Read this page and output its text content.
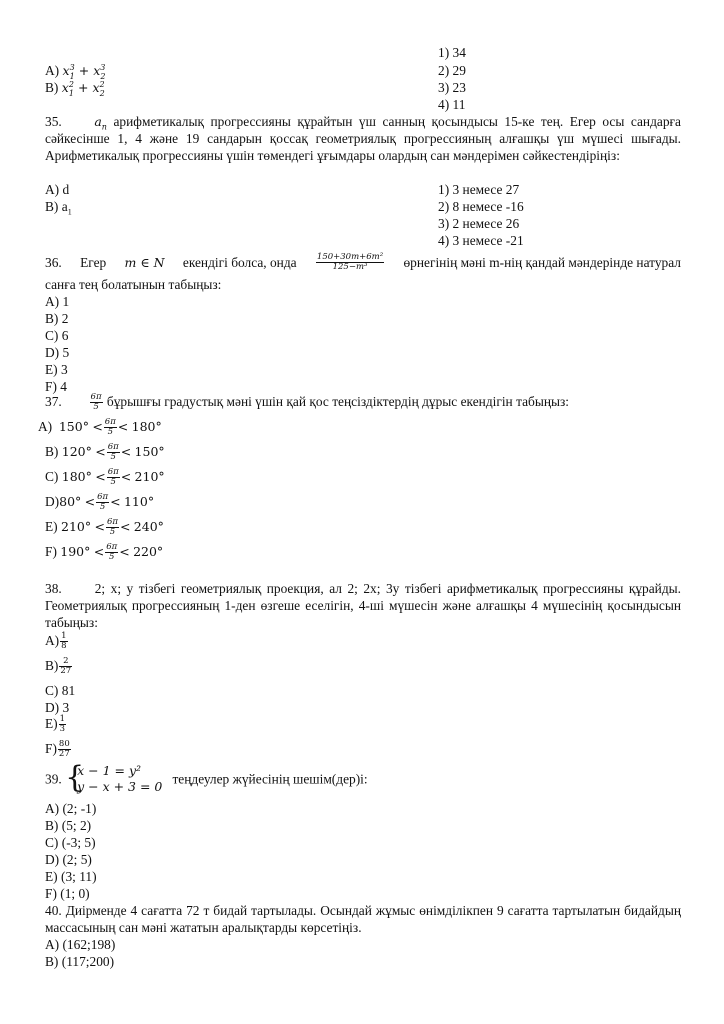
1) 34
A) $x^3_1 + x^3_2$	2) 29
B) $x^2_1 + x^2_2$	3) 23
4) 11
35.	$a_n$ арифметикалық прогрессияны құрайтын үш санның қосындысы 15-ке тең. Егер осы сандарға сәйкесінше 1, 4 және 19 сандарын қоссақ геометриялық прогрессияның алғашқы үш мүшесі шығады. Арифметикалық прогрессияны үшін төмендегі ұғымдары олардың сан мәндерімен сәйкестендіріңіз:
A) d	1) 3 немесе 27
B) $a_1$	2) 8 немесе -16
3) 2 немесе 26
4) 3 немесе -21
36. Егер m ∈ N екендігі болса, онда $\frac{\text{150+30m+6m²}}{\text{125−m³}}$ өрнегінің мәні m-нің қандай мәндерінде натурал
санға тең болатынын табыңыз:
A) 1
B) 2
C) 6
D) 5
E) 3
F) 4
37.	$\frac{6\pi}{5}$ бұрышғы градустық мәні үшін қай қос теңсіздіктердің дұрыс екендігін табыңыз:
A) $150^\circ < \frac{6\pi}{5} < 180^\circ$
B) $120^\circ < \frac{6\pi}{5} < 150^\circ$
C) $180^\circ < \frac{6\pi}{5} < 210^\circ$
$D)80^\circ < \frac{6\pi}{5} < 110^\circ$
E) $210^\circ < \frac{6\pi}{5} < 240^\circ$
F) $190^\circ < \frac{6\pi}{5} < 220^\circ$
38. 2; x; y тізбегі геометриялық проекция, ал 2; 2x; 3y тізбегі арифметикалық прогрессияны құрайды. Геометриялық прогрессияның 1-ден өзгеше еселігін, 4-ші мүшесін және алғашқы 4 мүшесінің қосындысын табыңыз:
$A) \frac{1}{8}$
$B) \frac{2}{27}$
C) 81
D) 3
$E) \frac{1}{3}$
$F) \frac{80}{27}$
39. {
x − 1 = y²
y − x + 3 = 0 теңдеулер жүйесінің шешім(дер)і:
A) (2; -1)
B) (5; 2)
C) (-3; 5)
D) (2; 5)
E) (3; 11)
F) (1; 0)
40. Диірменде 4 сағатта 72 т бидай тартылады. Осындай жұмыс өнімділікпен 9 сағатта тартылатын бидайдың массасының сан мәні жататын аралықтарды көрсетіңіз.
A) (162;198)
B) (117;200)
